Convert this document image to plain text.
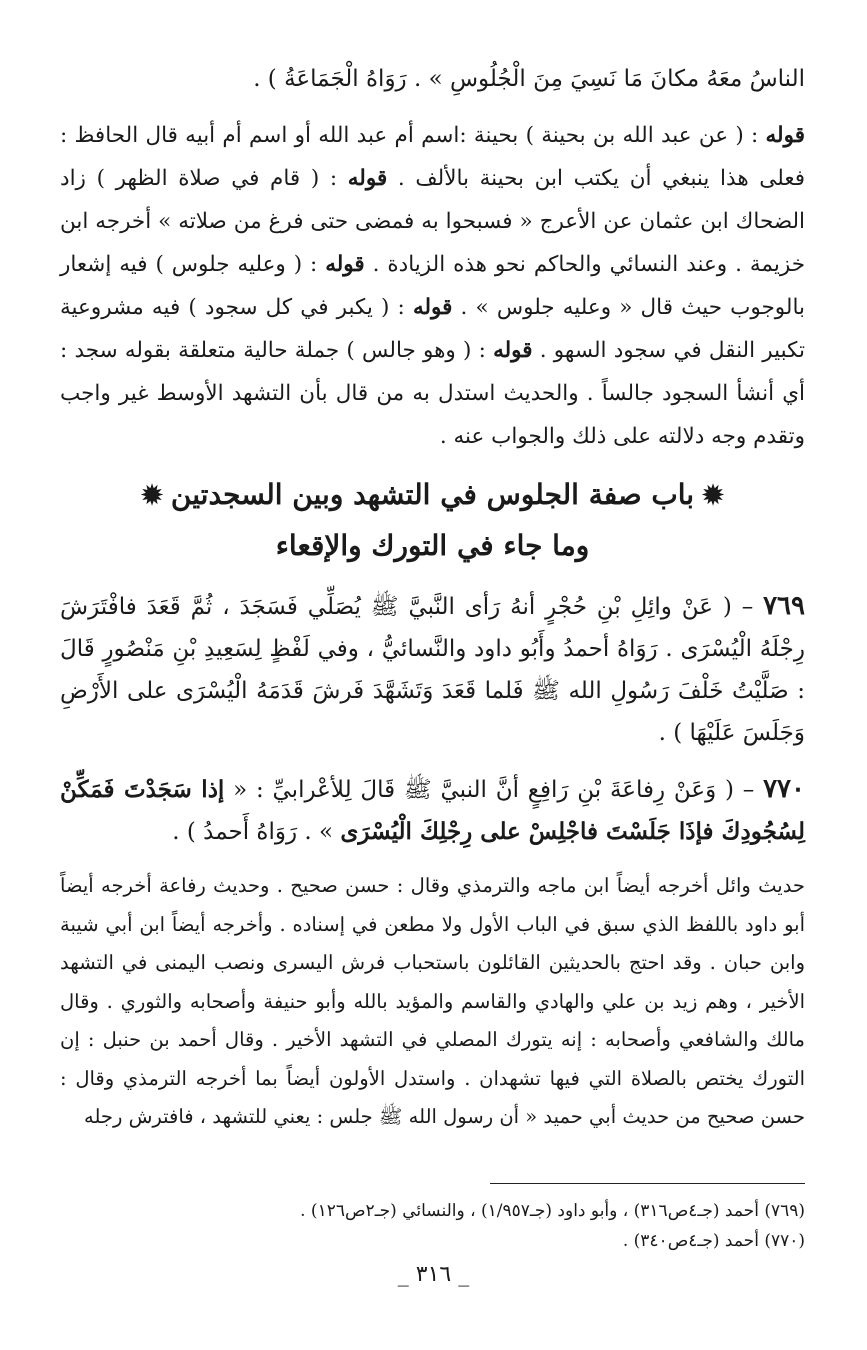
الناسُ معَهُ مكانَ مَا نَسِيَ مِنَ الْجُلُوسِ » . رَوَاهُ الْجَمَاعَةُ ) .

قوله : ( عن عبد الله بن بحينة ) بحينة :اسم أم عبد الله أو اسم أم أبيه قال الحافظ : فعلى هذا ينبغي أن يكتب ابن بحينة بالألف . قوله : ( قام في صلاة الظهر ) زاد الضحاك ابن عثمان عن الأعرج « فسبحوا به فمضى حتى فرغ من صلاته » أخرجه ابن خزيمة . وعند النسائي والحاكم نحو هذه الزيادة . قوله : ( وعليه جلوس ) فيه إشعار بالوجوب حيث قال « وعليه جلوس » . قوله : ( يكبر في كل سجود ) فيه مشروعية تكبير النقل في سجود السهو . قوله : ( وهو جالس ) جملة حالية متعلقة بقوله سجد : أي أنشأ السجود جالساً . والحديث استدل به من قال بأن التشهد الأوسط غير واجب وتقدم وجه دلالته على ذلك والجواب عنه .

✹باب صفة الجلوس في التشهد وبين السجدتين✹
وما جاء في التورك والإقعاء

٧٦٩ – ( عَنْ وائِلِ بْنِ حُجْرٍ أنهُ رَأى النَّبيَّ ﷺ يُصَلِّي فَسَجَدَ ، ثُمَّ قَعَدَ فافْتَرَشَ رِجْلَهُ الْيُسْرَى . رَوَاهُ أحمدُ وأَبُو داود والنَّسائيُّ ، وفي لَفْظٍ لِسَعِيدِ بْنِ مَنْصُورٍ قَالَ : صَلَّيْتُ خَلْفَ رَسُولِ الله ﷺ فَلما قَعَدَ وَتَشَهَّدَ فَرشَ قَدَمَهُ الْيُسْرَى على الأَرْضِ وَجَلَسَ عَلَيْهَا ) .

٧٧٠ – ( وَعَنْ رِفاعَةَ بْنِ رَافِعٍ أنَّ النبيَّ ﷺ قَالَ لِلأعْرابيِّ : « إذا سَجَدْتَ فَمَكِّنْ لِسُجُودِكَ فإذَا جَلَسْتَ فاجْلِسْ على رِجْلِكَ الْيُسْرَى » . رَوَاهُ أَحمدُ ) .

حديث وائل أخرجه أيضاً ابن ماجه والترمذي وقال : حسن صحيح . وحديث رفاعة أخرجه أيضاً أبو داود باللفظ الذي سبق في الباب الأول ولا مطعن في إسناده . وأخرجه أيضاً ابن أبي شيبة وابن حبان . وقد احتج بالحديثين القائلون باستحباب فرش اليسرى ونصب اليمنى في التشهد الأخير ، وهم زيد بن علي والهادي والقاسم والمؤيد بالله وأبو حنيفة وأصحابه والثوري . وقال مالك والشافعي وأصحابه : إنه يتورك المصلي في التشهد الأخير . وقال أحمد بن حنبل : إن التورك يختص بالصلاة التي فيها تشهدان . واستدل الأولون أيضاً بما أخرجه الترمذي وقال : حسن صحيح من حديث أبي حميد « أن رسول الله ﷺ جلس : يعني للتشهد ، فافترش رجله

(٧٦٩) أحمد (جـ٤ص٣١٦) ، وأبو داود (جـ١/٩٥٧) ، والنسائي (جـ٢ص١٢٦) .
(٧٧٠) أحمد (جـ٤ص٣٤٠) .
_ ٣١٦ _
